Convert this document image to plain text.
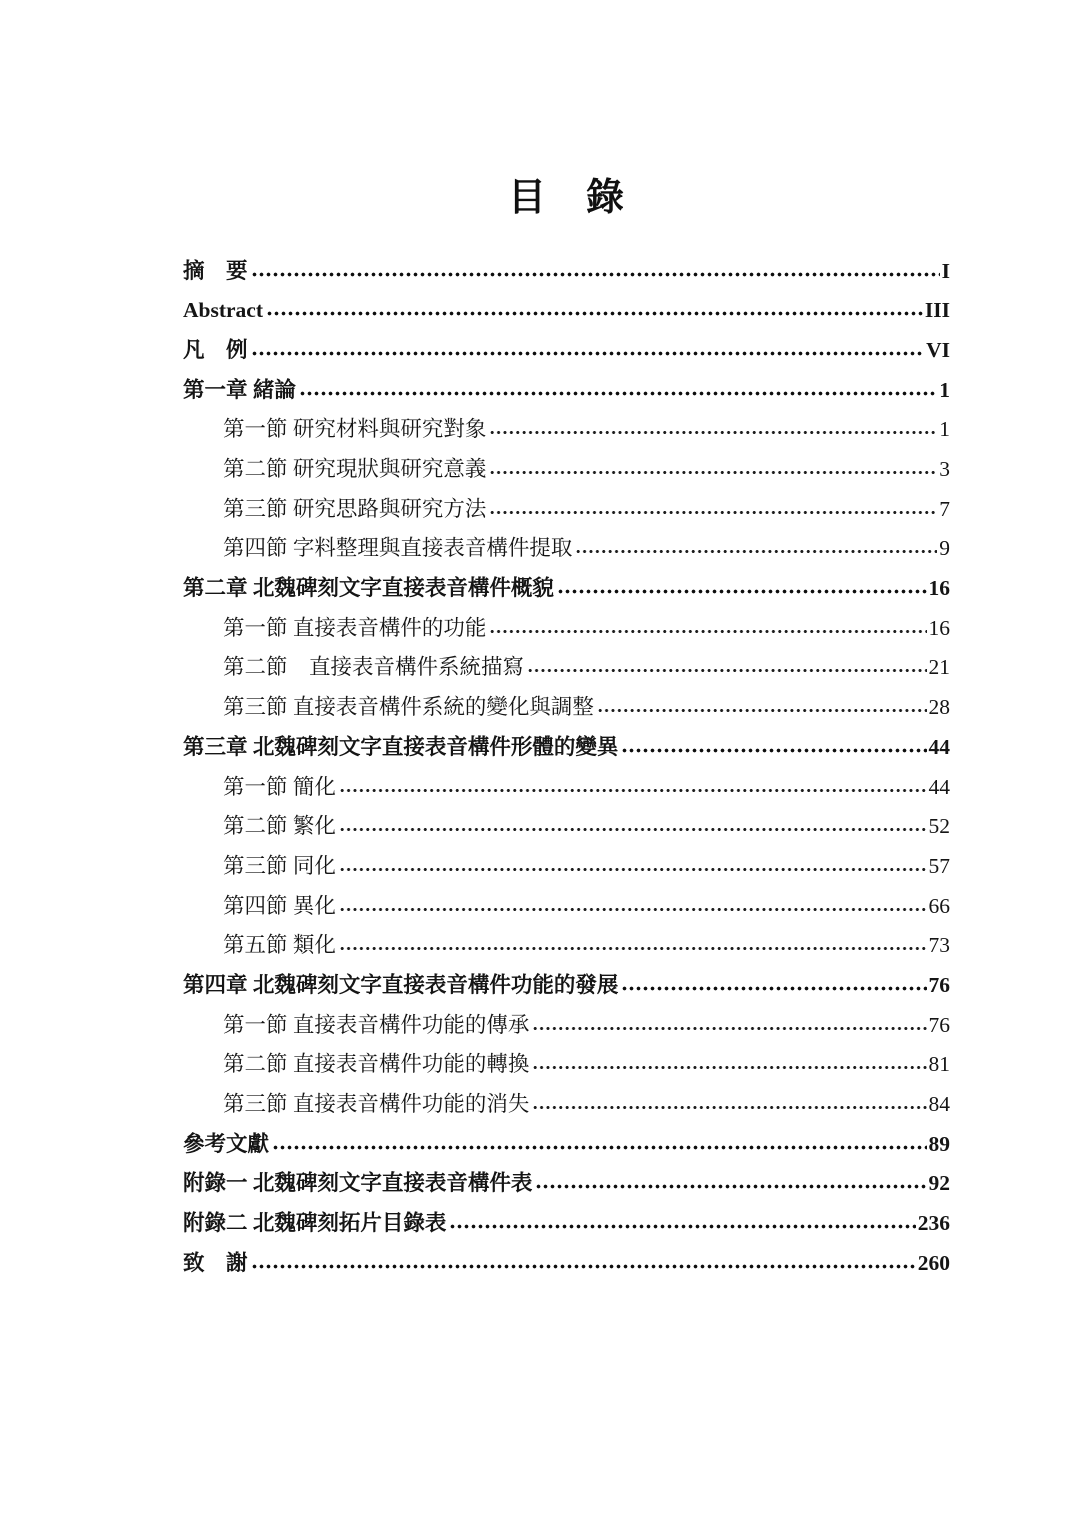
目　錄
摘　要	I
Abstract	III
凡　例	VI
第一章 緒論	1
第一節 研究材料與研究對象	1
第二節 研究現狀與研究意義	3
第三節 研究思路與研究方法	7
第四節 字料整理與直接表音構件提取	9
第二章 北魏碑刻文字直接表音構件概貌	16
第一節 直接表音構件的功能	16
第二節　直接表音構件系統描寫	21
第三節 直接表音構件系統的變化與調整	28
第三章 北魏碑刻文字直接表音構件形體的變異	44
第一節 簡化	44
第二節 繁化	52
第三節 同化	57
第四節 異化	66
第五節 類化	73
第四章 北魏碑刻文字直接表音構件功能的發展	76
第一節 直接表音構件功能的傳承	76
第二節 直接表音構件功能的轉換	81
第三節 直接表音構件功能的消失	84
參考文獻	89
附錄一 北魏碑刻文字直接表音構件表	92
附錄二 北魏碑刻拓片目錄表	236
致　謝	260
